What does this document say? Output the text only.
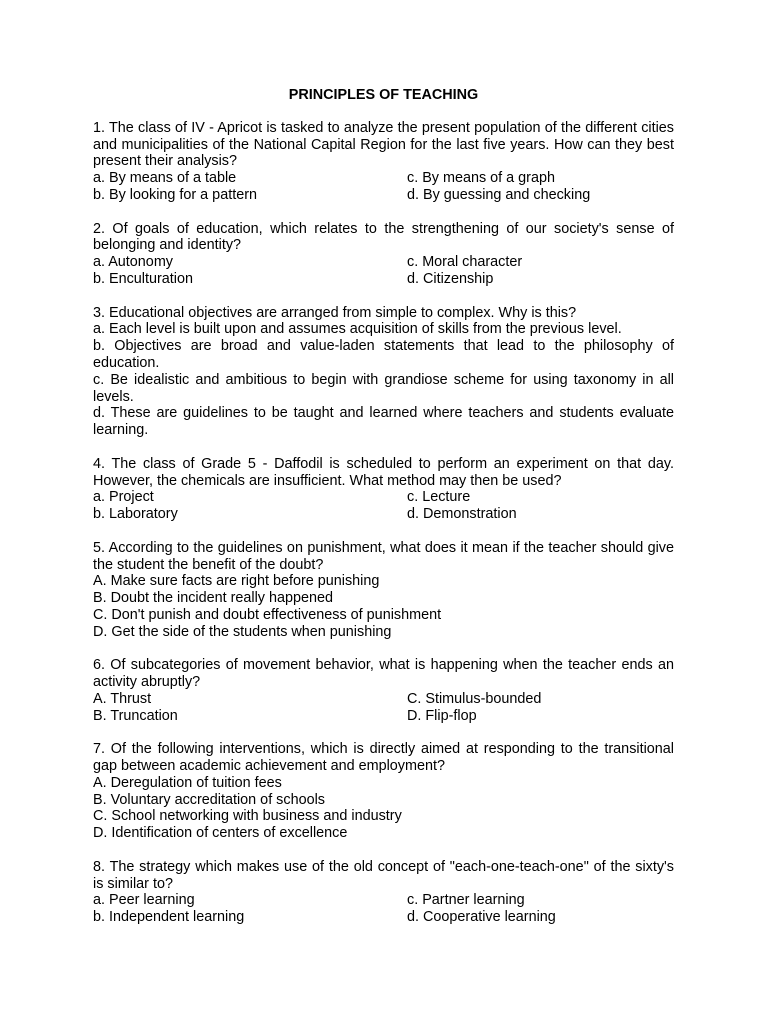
PRINCIPLES OF TEACHING

1. The class of IV - Apricot is tasked to analyze the present population of the different cities and municipalities of the National Capital Region for the last five years. How can they best present their analysis?

a. By means of a table	c. By means of a graph
b. By looking for a pattern	d. By guessing and checking

2. Of goals of education, which relates to the strengthening of our society's sense of belonging and identity?

a. Autonomy	c. Moral character
b. Enculturation	d. Citizenship

3. Educational objectives are arranged from simple to complex. Why is this?

a. Each level is built upon and assumes acquisition of skills from the previous level.
b. Objectives are broad and value-laden statements that lead to the philosophy of education.
c. Be idealistic and ambitious to begin with grandiose scheme for using taxonomy in all levels.
d. These are guidelines to be taught and learned where teachers and students evaluate learning.

4. The class of Grade 5 - Daffodil is scheduled to perform an experiment on that day. However, the chemicals are insufficient. What method may then be used?

a. Project	c. Lecture
b. Laboratory	d. Demonstration

5. According to the guidelines on punishment, what does it mean if the teacher should give the student the benefit of the doubt?

A. Make sure facts are right before punishing
B. Doubt the incident really happened
C. Don't punish and doubt effectiveness of punishment
D. Get the side of the students when punishing

6. Of subcategories of movement behavior, what is happening when the teacher ends an activity abruptly?

A. Thrust	C. Stimulus-bounded
B. Truncation	D. Flip-flop

7. Of the following interventions, which is directly aimed at responding to the transitional gap between academic achievement and employment?

A. Deregulation of tuition fees
B. Voluntary accreditation of schools
C. School networking with business and industry
D. Identification of centers of excellence

8. The strategy which makes use of the old concept of "each-one-teach-one" of the sixty's is similar to?

a. Peer learning	c. Partner learning
b. Independent learning	d. Cooperative learning
